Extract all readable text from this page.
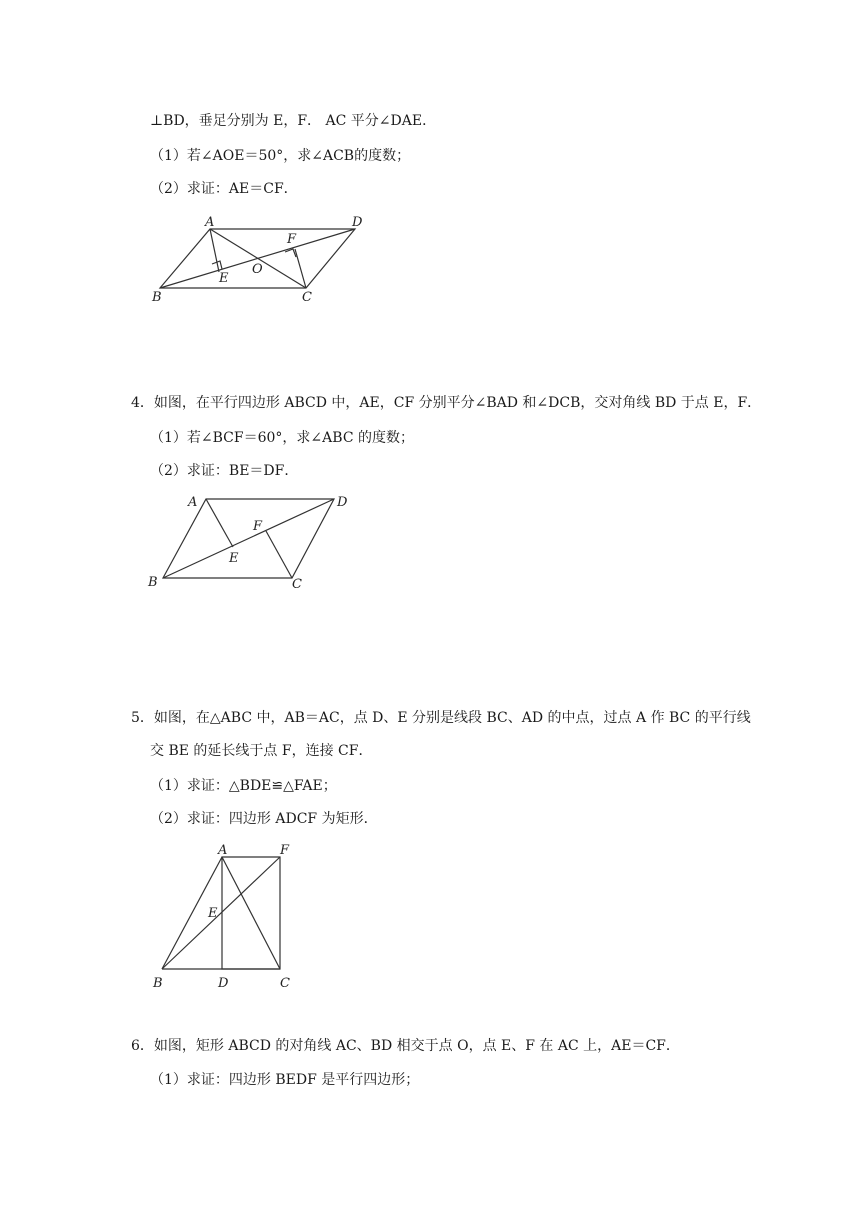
⊥BD，垂足分别为 E，F． AC 平分∠DAE．
（1）若∠AOE＝50°，求∠ACB的度数；
（2）求证：AE＝CF．
A	D
F
O
E
B	C
4．如图，在平行四边形 ABCD 中，AE，CF 分别平分∠BAD 和∠DCB，交对角线 BD 于点 E，F．
（1）若∠BCF＝60°，求∠ABC 的度数；
（2）求证：BE＝DF．
A	D
F
E
B	C
5．如图，在△ABC 中，AB＝AC，点 D、E 分别是线段 BC、AD 的中点，过点 A 作 BC 的平行线
交 BE 的延长线于点 F，连接 CF．
（1）求证：△BDE≌△FAE；
（2）求证：四边形 ADCF 为矩形．
A	F
E
B	D	C
6．如图，矩形 ABCD 的对角线 AC、BD 相交于点 O，点 E、F 在 AC 上，AE＝CF．
（1）求证：四边形 BEDF 是平行四边形；
